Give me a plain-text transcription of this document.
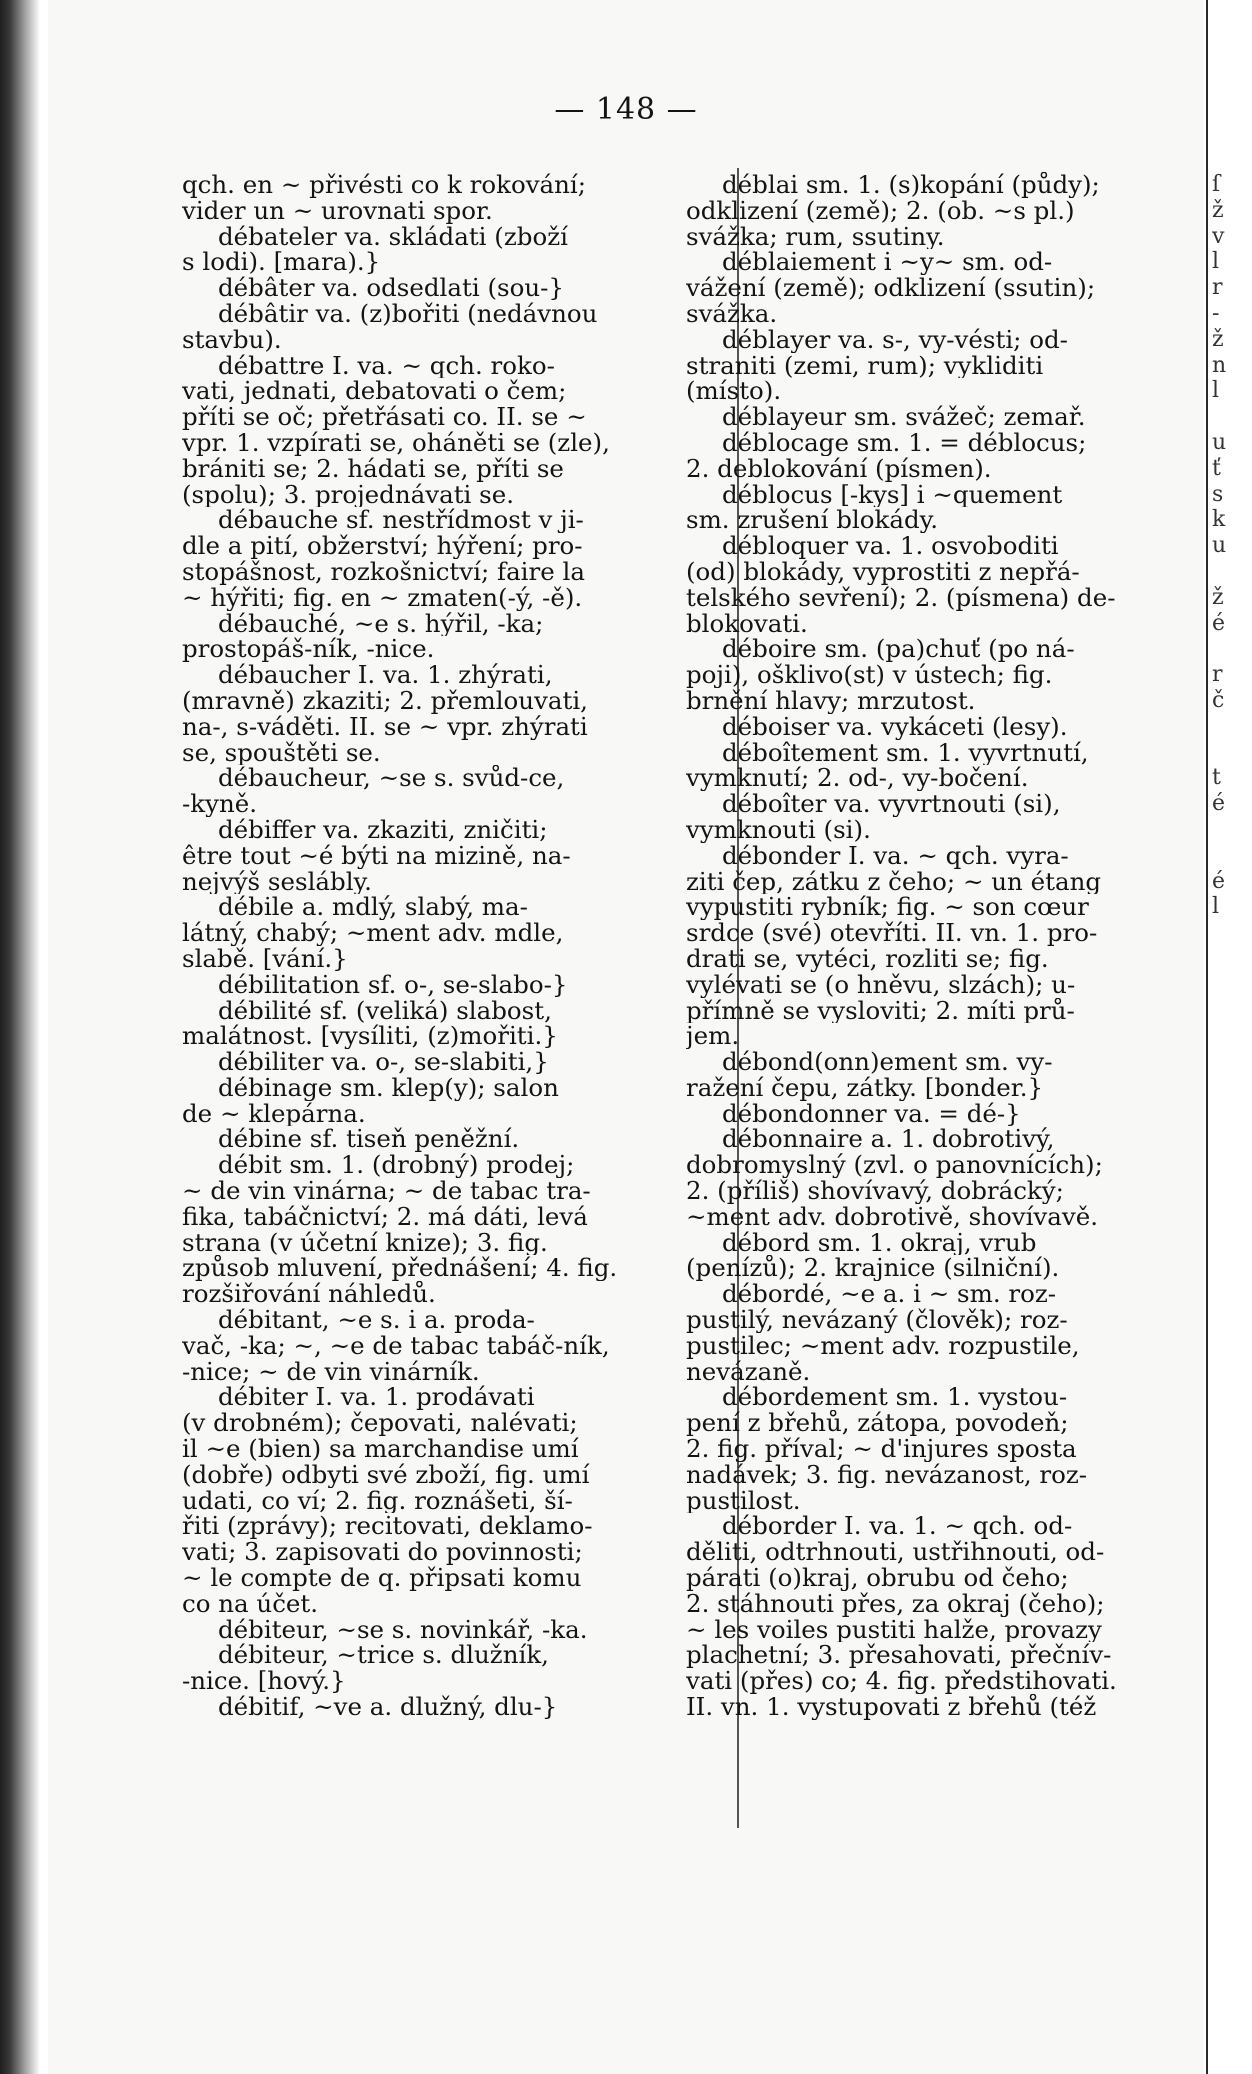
— 148 —
qch. en ~ přivésti co k rokování;
vider un ~ urovnati spor.
débateler va. skládati (zboží
s lodi). [mara).}
débâter va. odsedlati (sou-}
débâtir va. (z)bořiti (nedávnou
stavbu).
débattre I. va. ~ qch. roko-
vati, jednati, debatovati o čem;
příti se oč; přetřásati co. II. se ~
vpr. 1. vzpírati se, oháněti se (zle),
brániti se; 2. hádati se, příti se
(spolu); 3. projednávati se.
débauche sf. nestřídmost v ji-
dle a pití, obžerství; hýření; pro-
stopášnost, rozkošnictví; faire la
~ hýřiti; fig. en ~ zmaten(-ý, -ě).
débauché, ~e s. hýřil, -ka;
prostopáš-ník, -nice.
débaucher I. va. 1. zhýrati,
(mravně) zkaziti; 2. přemlouvati,
na-, s-váděti. II. se ~ vpr. zhýrati
se, spouštěti se.
débaucheur, ~se s. svůd-ce,
-kyně.
débiffer va. zkaziti, zničiti;
être tout ~é býti na mizině, na-
nejvýš seslábly.
débile a. mdlý, slabý, ma-
látný, chabý; ~ment adv. mdle,
slabě. [vání.}
débilitation sf. o-, se-slabo-}
débilité sf. (veliká) slabost,
malátnost. [vysíliti, (z)mořiti.}
débiliter va. o-, se-slabiti,}
débinage sm. klep(y); salon
de ~ klepárna.
débine sf. tiseň peněžní.
débit sm. 1. (drobný) prodej;
~ de vin vinárna; ~ de tabac tra-
fika, tabáčnictví; 2. má dáti, levá
strana (v účetní knize); 3. fig.
způsob mluvení, přednášení; 4. fig.
rozšiřování náhledů.
débitant, ~e s. i a. proda-
vač, -ka; ~, ~e de tabac tabáč-ník,
-nice; ~ de vin vinárník.
débiter I. va. 1. prodávati
(v drobném); čepovati, nalévati;
il ~e (bien) sa marchandise umí
(dobře) odbyti své zboží, fig. umí
udati, co ví; 2. fig. roznášeti, ší-
řiti (zprávy); recitovati, deklamo-
vati; 3. zapisovati do povinnosti;
~ le compte de q. připsati komu
co na účet.
débiteur, ~se s. novinkář, -ka.
débiteur, ~trice s. dlužník,
-nice. [hový.}
débitif, ~ve a. dlužný, dlu-}
déblai sm. 1. (s)kopání (půdy);
odklizení (země); 2. (ob. ~s pl.)
svážka; rum, ssutiny.
déblaiement i ~y~ sm. od-
vážení (země); odklizení (ssutin);
svážka.
déblayer va. s-, vy-vésti; od-
straniti (zemi, rum); vykliditi
(místo).
déblayeur sm. svážeč; zemař.
déblocage sm. 1. = déblocus;
2. deblokování (písmen).
déblocus [-kys] i ~quement
sm. zrušení blokády.
débloquer va. 1. osvoboditi
(od) blokády, vyprostiti z nepřá-
telského sevření); 2. (písmena) de-
blokovati.
déboire sm. (pa)chuť (po ná-
poji), ošklivo(st) v ústech; fig.
brnění hlavy; mrzutost.
déboiser va. vykáceti (lesy).
déboîtement sm. 1. vyvrtnutí,
vymknutí; 2. od-, vy-bočení.
déboîter va. vyvrtnouti (si),
vymknouti (si).
débonder I. va. ~ qch. vyra-
ziti čep, zátku z čeho; ~ un étang
vypustiti rybník; fig. ~ son cœur
srdce (své) otevříti. II. vn. 1. pro-
drati se, vytéci, rozliti se; fig.
vylévati se (o hněvu, slzách); u-
přímně se vysloviti; 2. míti prů-
jem.
débond(onn)ement sm. vy-
ražení čepu, zátky. [bonder.}
débondonner va. = dé-}
débonnaire a. 1. dobrotivý,
dobromyslný (zvl. o panovnících);
2. (příliš) shovívavý, dobrácký;
~ment adv. dobrotivě, shovívavě.
débord sm. 1. okraj, vrub
(penízů); 2. krajnice (silniční).
débordé, ~e a. i ~ sm. roz-
pustilý, nevázaný (člověk); roz-
pustilec; ~ment adv. rozpustile,
nevázaně.
débordement sm. 1. vystou-
pení z břehů, zátopa, povodeň;
2. fig. příval; ~ d'injures sposta
nadávek; 3. fig. nevázanost, roz-
pustilost.
déborder I. va. 1. ~ qch. od-
děliti, odtrhnouti, ustřihnouti, od-
párati (o)kraj, obrubu od čeho;
2. stáhnouti přes, za okraj (čeho);
~ les voiles pustiti halže, provazy
plachetní; 3. přesahovati, přečnív-
vati (přes) co; 4. fig. předstihovati.
II. vn. 1. vystupovati z břehů (též
ſ
ž
v
l
r
-
ž
n
l
u
ť
s
k
u
ž
é
r
č
t
é
é
l
